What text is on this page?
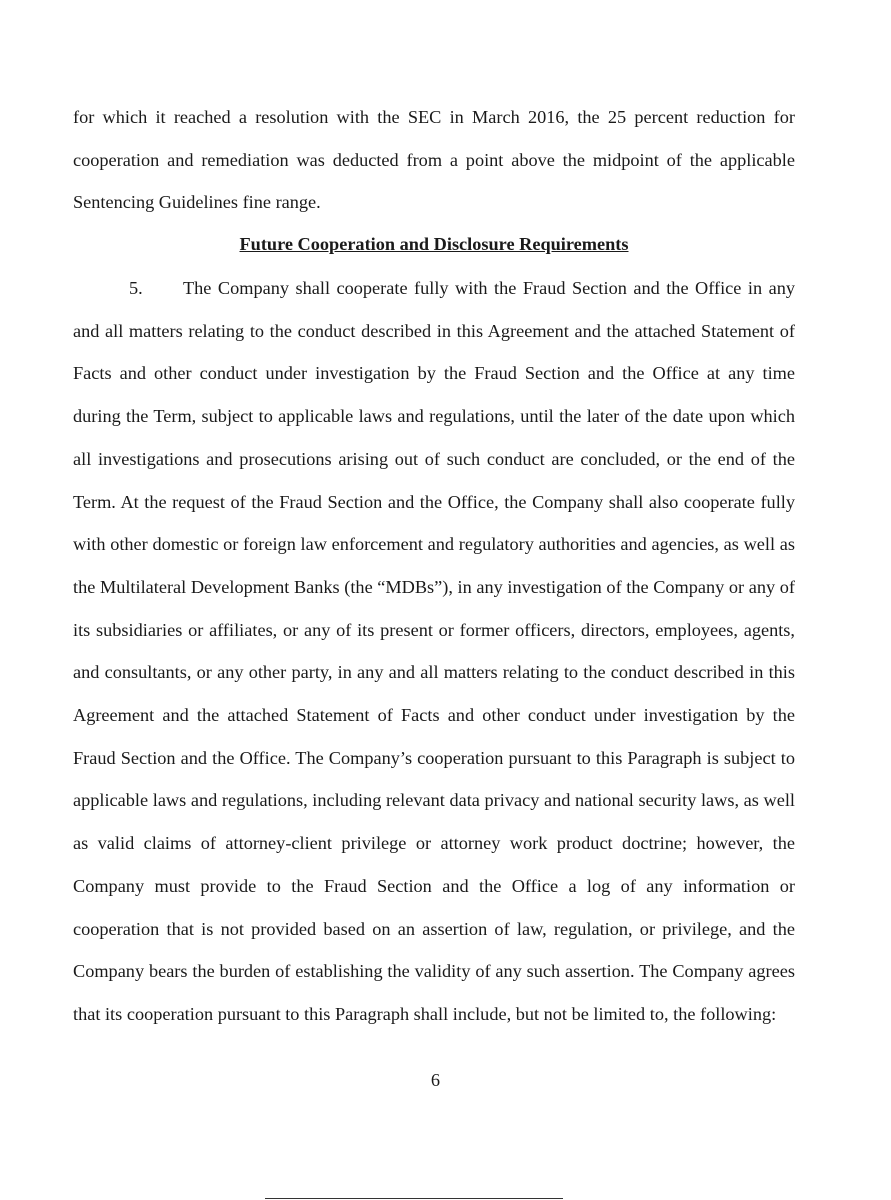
for which it reached a resolution with the SEC in March 2016, the 25 percent reduction for cooperation and remediation was deducted from a point above the midpoint of the applicable Sentencing Guidelines fine range.

Future Cooperation and Disclosure Requirements

5. The Company shall cooperate fully with the Fraud Section and the Office in any and all matters relating to the conduct described in this Agreement and the attached Statement of Facts and other conduct under investigation by the Fraud Section and the Office at any time during the Term, subject to applicable laws and regulations, until the later of the date upon which all investigations and prosecutions arising out of such conduct are concluded, or the end of the Term. At the request of the Fraud Section and the Office, the Company shall also cooperate fully with other domestic or foreign law enforcement and regulatory authorities and agencies, as well as the Multilateral Development Banks (the “MDBs”), in any investigation of the Company or any of its subsidiaries or affiliates, or any of its present or former officers, directors, employees, agents, and consultants, or any other party, in any and all matters relating to the conduct described in this Agreement and the attached Statement of Facts and other conduct under investigation by the Fraud Section and the Office. The Company’s cooperation pursuant to this Paragraph is subject to applicable laws and regulations, including relevant data privacy and national security laws, as well as valid claims of attorney-client privilege or attorney work product doctrine; however, the Company must provide to the Fraud Section and the Office a log of any information or cooperation that is not provided based on an assertion of law, regulation, or privilege, and the Company bears the burden of establishing the validity of any such assertion. The Company agrees that its cooperation pursuant to this Paragraph shall include, but not be limited to, the following:

6
